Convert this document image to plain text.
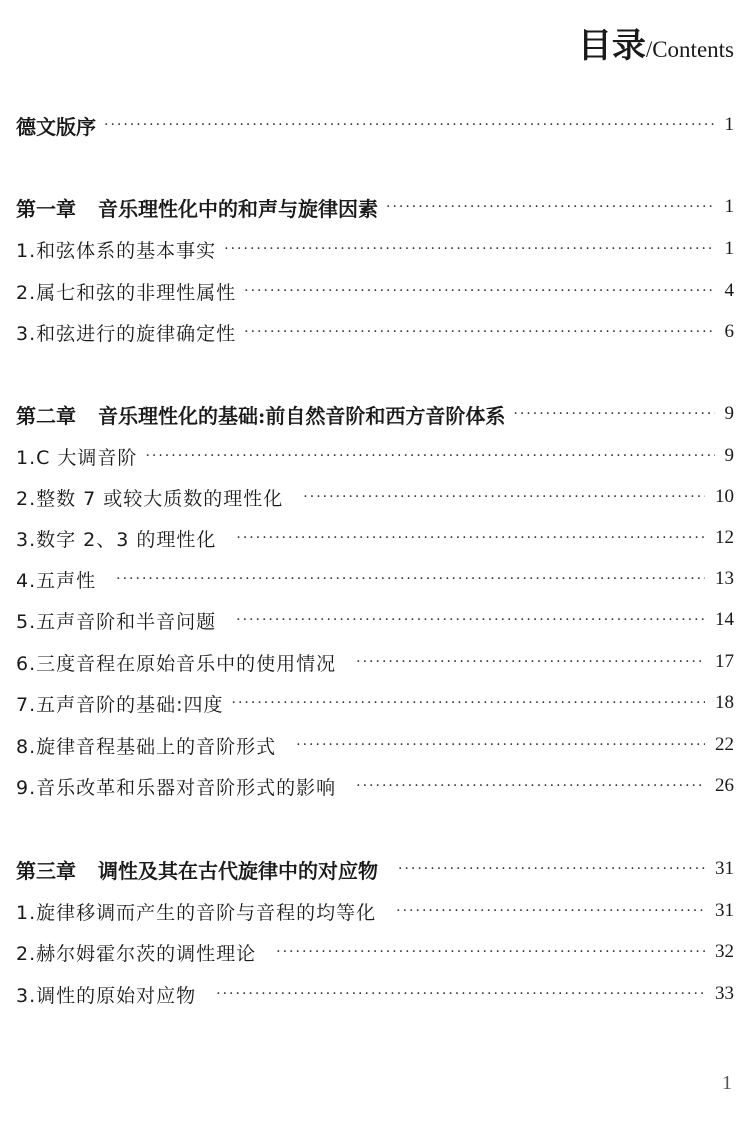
目录/Contents
德文版序 ·····	1
第一章 音乐理性化中的和声与旋律因素 ·····	1
1.和弦体系的基本事实 ·····	1
2.属七和弦的非理性属性 ·····	4
3.和弦进行的旋律确定性 ·····	6
第二章 音乐理性化的基础:前自然音阶和西方音阶体系 ·····	9
1.C 大调音阶 ·····	9
2.整数 7 或较大质数的理性化 ·····	10
3.数字 2、3 的理性化 ·····	12
4.五声性 ·····	13
5.五声音阶和半音问题 ·····	14
6.三度音程在原始音乐中的使用情况 ·····	17
7.五声音阶的基础:四度 ·····	18
8.旋律音程基础上的音阶形式 ·····	22
9.音乐改革和乐器对音阶形式的影响 ·····	26
第三章 调性及其在古代旋律中的对应物 ·····	31
1.旋律移调而产生的音阶与音程的均等化 ·····	31
2.赫尔姆霍尔茨的调性理论 ·····	32
3.调性的原始对应物 ·····	33
1
